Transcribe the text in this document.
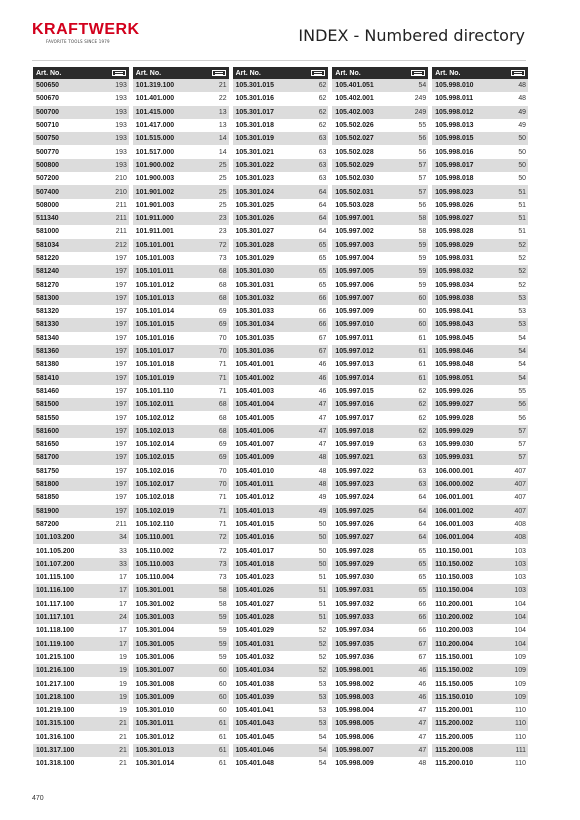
KRAFTWERK
FAVORITE TOOLS SINCE 1979	INDEX - Numbered directory
Art. No.
500650	193
500670	193
500700	193
500710	193
500750	193
500770	193
500800	193
507200	210
507400	210
508000	211
511340	211
581000	211
581034	212
581220	197
581240	197
581270	197
581300	197
581320	197
581330	197
581340	197
581360	197
581380	197
581410	197
581460	197
581500	197
581550	197
581600	197
581650	197
581700	197
581750	197
581800	197
581850	197
581900	197
587200	211
101.103.200	34
101.105.200	33
101.107.200	33
101.115.100	17
101.116.100	17
101.117.100	17
101.117.101	24
101.118.100	17
101.119.100	17
101.215.100	19
101.216.100	19
101.217.100	19
101.218.100	19
101.219.100	19
101.315.100	21
101.316.100	21
101.317.100	21
101.318.100	21
Art. No.
101.319.100	21
101.401.000	22
101.415.000	13
101.417.000	13
101.515.000	14
101.517.000	14
101.900.002	25
101.900.003	25
101.901.002	25
101.901.003	25
101.911.000	23
101.911.001	23
105.101.001	72
105.101.003	73
105.101.011	68
105.101.012	68
105.101.013	68
105.101.014	69
105.101.015	69
105.101.016	70
105.101.017	70
105.101.018	71
105.101.019	71
105.101.110	71
105.102.011	68
105.102.012	68
105.102.013	68
105.102.014	69
105.102.015	69
105.102.016	70
105.102.017	70
105.102.018	71
105.102.019	71
105.102.110	71
105.110.001	72
105.110.002	72
105.110.003	73
105.110.004	73
105.301.001	58
105.301.002	58
105.301.003	59
105.301.004	59
105.301.005	59
105.301.006	59
105.301.007	60
105.301.008	60
105.301.009	60
105.301.010	60
105.301.011	61
105.301.012	61
105.301.013	61
105.301.014	61
Art. No.
105.301.015	62
105.301.016	62
105.301.017	62
105.301.018	62
105.301.019	63
105.301.021	63
105.301.022	63
105.301.023	63
105.301.024	64
105.301.025	64
105.301.026	64
105.301.027	64
105.301.028	65
105.301.029	65
105.301.030	65
105.301.031	65
105.301.032	66
105.301.033	66
105.301.034	66
105.301.035	67
105.301.036	67
105.401.001	46
105.401.002	46
105.401.003	46
105.401.004	47
105.401.005	47
105.401.006	47
105.401.007	47
105.401.009	48
105.401.010	48
105.401.011	48
105.401.012	49
105.401.013	49
105.401.015	50
105.401.016	50
105.401.017	50
105.401.018	50
105.401.023	51
105.401.026	51
105.401.027	51
105.401.028	51
105.401.029	52
105.401.031	52
105.401.032	52
105.401.034	52
105.401.038	53
105.401.039	53
105.401.041	53
105.401.043	53
105.401.045	54
105.401.046	54
105.401.048	54
Art. No.
105.401.051	54
105.402.001	249
105.402.003	249
105.502.026	55
105.502.027	56
105.502.028	56
105.502.029	57
105.502.030	57
105.502.031	57
105.503.028	56
105.997.001	58
105.997.002	58
105.997.003	59
105.997.004	59
105.997.005	59
105.997.006	59
105.997.007	60
105.997.009	60
105.997.010	60
105.997.011	61
105.997.012	61
105.997.013	61
105.997.014	61
105.997.015	62
105.997.016	62
105.997.017	62
105.997.018	62
105.997.019	63
105.997.021	63
105.997.022	63
105.997.023	63
105.997.024	64
105.997.025	64
105.997.026	64
105.997.027	64
105.997.028	65
105.997.029	65
105.997.030	65
105.997.031	65
105.997.032	66
105.997.033	66
105.997.034	66
105.997.035	67
105.997.036	67
105.998.001	46
105.998.002	46
105.998.003	46
105.998.004	47
105.998.005	47
105.998.006	47
105.998.007	47
105.998.009	48
Art. No.
105.998.010	48
105.998.011	48
105.998.012	49
105.998.013	49
105.998.015	50
105.998.016	50
105.998.017	50
105.998.018	50
105.998.023	51
105.998.026	51
105.998.027	51
105.998.028	51
105.998.029	52
105.998.031	52
105.998.032	52
105.998.034	52
105.998.038	53
105.998.041	53
105.998.043	53
105.998.045	54
105.998.046	54
105.998.048	54
105.998.051	54
105.999.026	55
105.999.027	56
105.999.028	56
105.999.029	57
105.999.030	57
105.999.031	57
106.000.001	407
106.000.002	407
106.001.001	407
106.001.002	407
106.001.003	408
106.001.004	408
110.150.001	103
110.150.002	103
110.150.003	103
110.150.004	103
110.200.001	104
110.200.002	104
110.200.003	104
110.200.004	104
115.150.001	109
115.150.002	109
115.150.005	109
115.150.010	109
115.200.001	110
115.200.002	110
115.200.005	110
115.200.008	111
115.200.010	110
470
